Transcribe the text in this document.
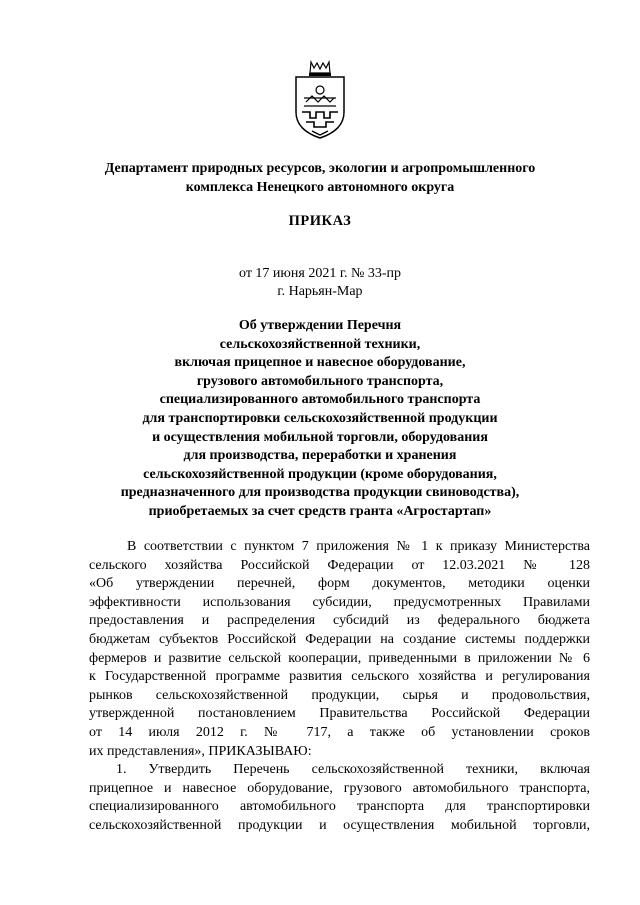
Департамент природных ресурсов, экологии и агропромышленного
комплекса Ненецкого автономного округа
ПРИКАЗ
от 17 июня 2021 г. № 33-пр
г. Нарьян-Мар
Об утверждении Перечня
сельскохозяйственной техники,
включая прицепное и навесное оборудование,
грузового автомобильного транспорта,
специализированного автомобильного транспорта
для транспортировки сельскохозяйственной продукции
и осуществления мобильной торговли, оборудования
для производства, переработки и хранения
сельскохозяйственной продукции (кроме оборудования,
предназначенного для производства продукции свиноводства),
приобретаемых за счет средств гранта «Агростартап»
В соответствии с пунктом 7 приложения № 1 к приказу Министерства
сельского хозяйства Российской Федерации от 12.03.2021 № 128
«Об утверждении перечней, форм документов, методики оценки
эффективности использования субсидии, предусмотренных Правилами
предоставления и распределения субсидий из федерального бюджета
бюджетам субъектов Российской Федерации на создание системы поддержки
фермеров и развитие сельской кооперации, приведенными в приложении № 6
к Государственной программе развития сельского хозяйства и регулирования
рынков сельскохозяйственной продукции, сырья и продовольствия,
утвержденной постановлением Правительства Российской Федерации
от 14 июля 2012 г. № 717, а также об установлении сроков
их представления», ПРИКАЗЫВАЮ:
1. Утвердить Перечень сельскохозяйственной техники, включая
прицепное и навесное оборудование, грузового автомобильного транспорта,
специализированного автомобильного транспорта для транспортировки
сельскохозяйственной продукции и осуществления мобильной торговли,
